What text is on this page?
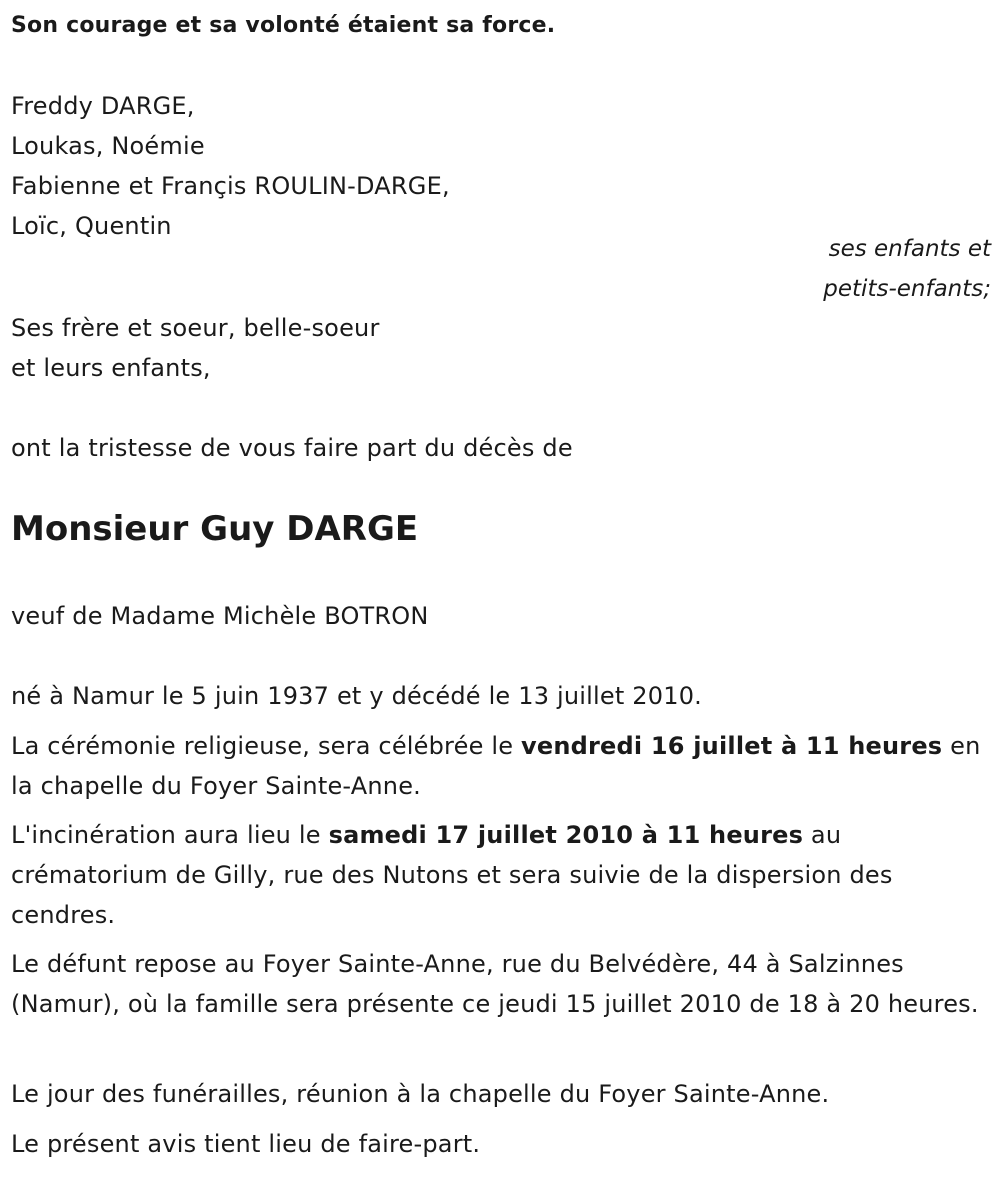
Son courage et sa volonté étaient sa force.
Freddy DARGE,
Loukas, Noémie
Fabienne et Françis ROULIN-DARGE,
Loïc, Quentin
ses enfants et
petits-enfants;
Ses frère et soeur, belle-soeur
et leurs enfants,
ont la tristesse de vous faire part du décès de
Monsieur Guy DARGE
veuf de Madame Michèle BOTRON
né à Namur le 5 juin 1937 et y décédé le 13 juillet 2010.
La cérémonie religieuse, sera célébrée le vendredi 16 juillet à 11 heures en la chapelle du Foyer Sainte-Anne.
L'incinération aura lieu le samedi 17 juillet 2010 à 11 heures au crématorium de Gilly, rue des Nutons et sera suivie de la dispersion des cendres.
Le défunt repose au Foyer Sainte-Anne, rue du Belvédère, 44 à Salzinnes (Namur), où la famille sera présente ce jeudi 15 juillet 2010 de 18 à 20 heures.
Le jour des funérailles, réunion à la chapelle du Foyer Sainte-Anne.
Le présent avis tient lieu de faire-part.
